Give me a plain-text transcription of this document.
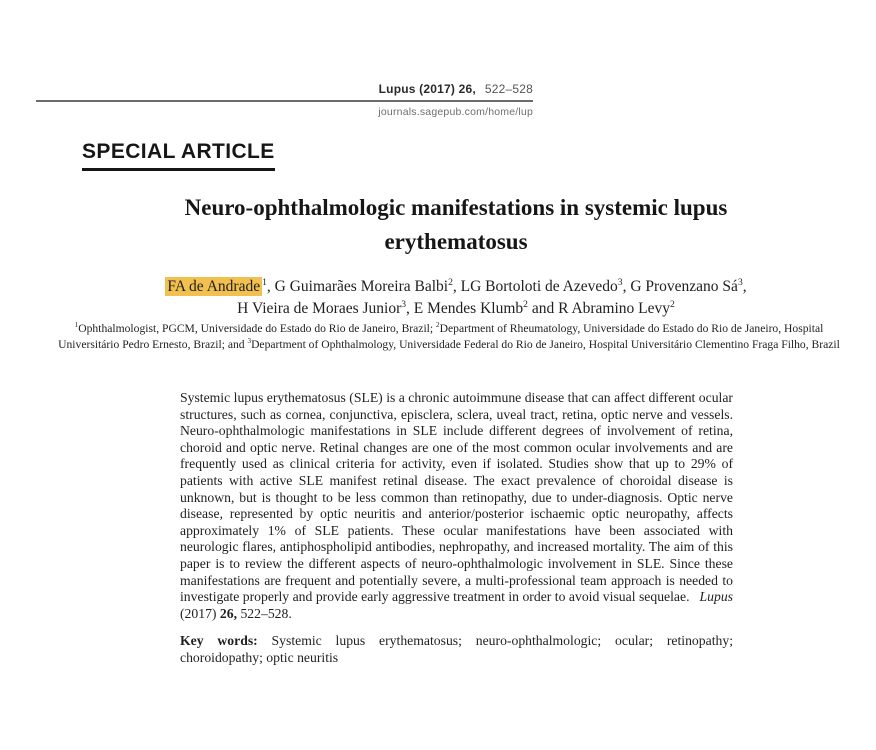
Lupus (2017) 26, 522–528
journals.sagepub.com/home/lup
SPECIAL ARTICLE
Neuro-ophthalmologic manifestations in systemic lupus erythematosus
FA de Andrade $^1$, G Guimarães Moreira Balbi$^2$, LG Bortoloti de Azevedo$^3$, G Provenzano $Sá^3$,
H Vieira de Moraes Junior$^3$, E Mendes Klumb$^2$ and R Abramino Levy$^2$
$^1$Ophthalmologist, PGCM, Universidade do Estado do Rio de Janeiro, Brazil; $^2$Department of Rheumatology, Universidade do Estado do Rio de Janeiro, Hospital Universitário Pedro Ernesto, Brazil; and $^3$Department of Ophthalmology, Universidade Federal do Rio de Janeiro, Hospital Universitário Clementino Fraga Filho, Brazil

Systemic lupus erythematosus (SLE) is a chronic autoimmune disease that can affect different ocular structures, such as cornea, conjunctiva, episclera, sclera, uveal tract, retina, optic nerve and vessels. Neuro-ophthalmologic manifestations in SLE include different degrees of involvement of retina, choroid and optic nerve. Retinal changes are one of the most common ocular involvements and are frequently used as clinical criteria for activity, even if isolated. Studies show that up to 29% of patients with active SLE manifest retinal disease. The exact prevalence of choroidal disease is unknown, but is thought to be less common than retinopathy, due to under-diagnosis. Optic nerve disease, represented by optic neuritis and anterior/posterior ischaemic optic neuropathy, affects approximately 1% of SLE patients. These ocular manifestations have been associated with neurologic flares, antiphospholipid antibodies, nephropathy, and increased mortality. The aim of this paper is to review the different aspects of neuro-ophthalmologic involvement in SLE. Since these manifestations are frequent and potentially severe, a multi-professional team approach is needed to investigate properly and provide early aggressive treatment in order to avoid visual sequelae. Lupus (2017) 26, 522–528.

Key words: Systemic lupus erythematosus; neuro-ophthalmologic; ocular; retinopathy; choroidopathy; optic neuritis
